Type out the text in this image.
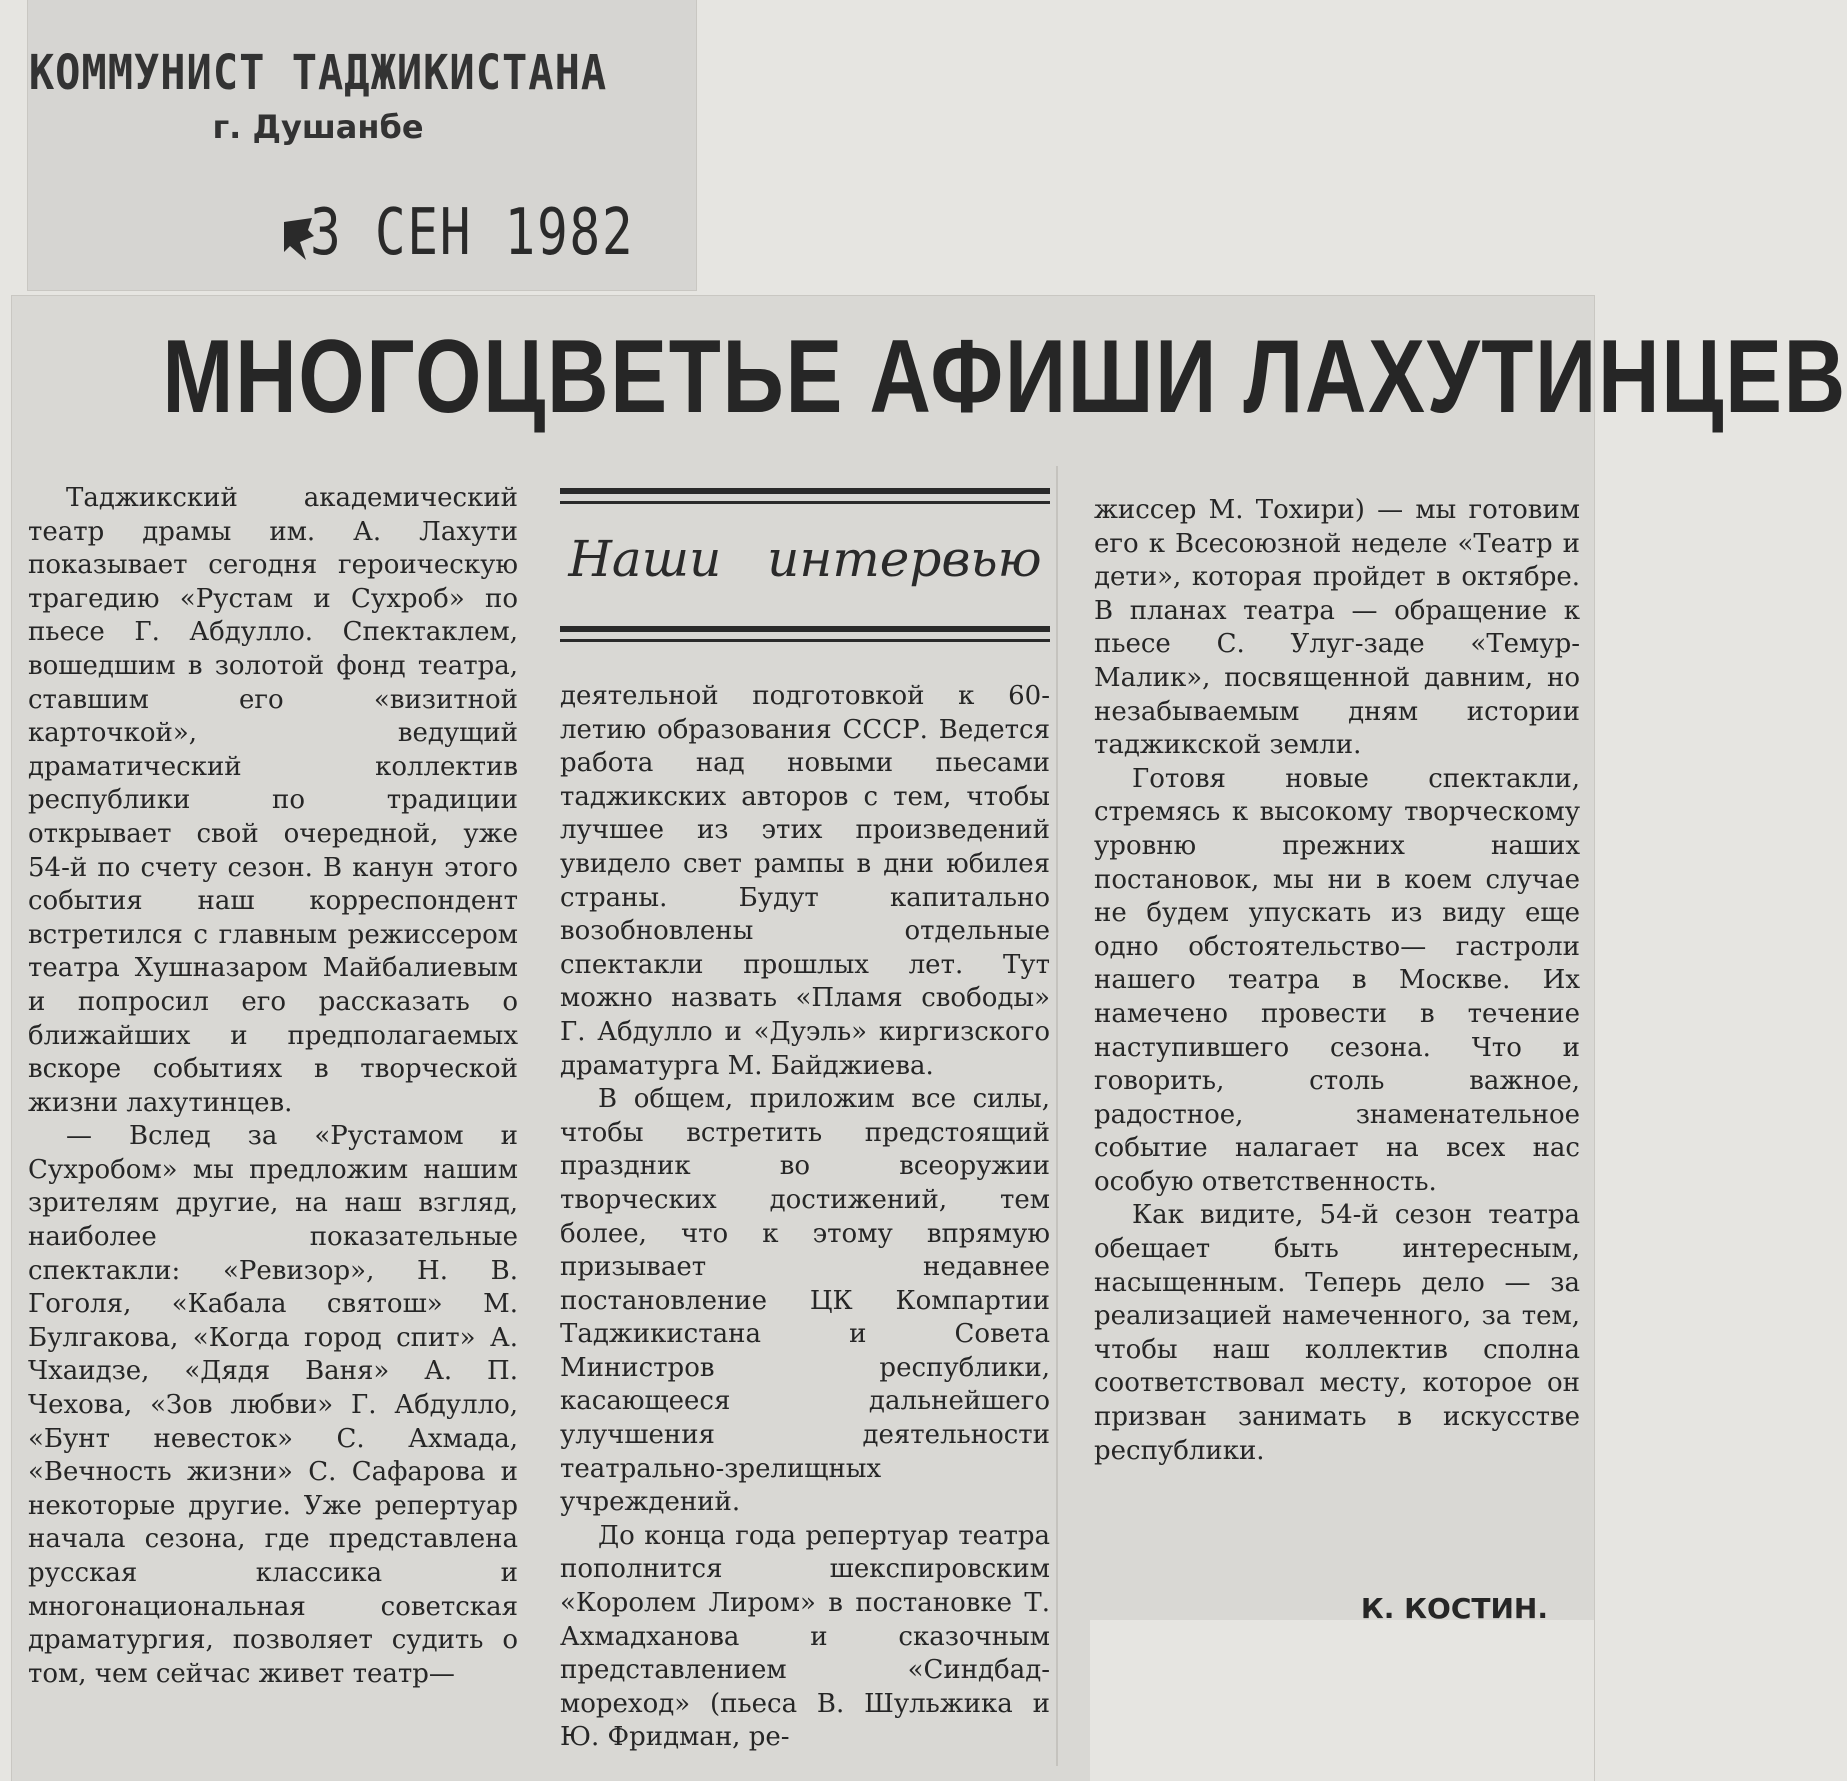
КОММУНИСТ ТАДЖИКИСТАНА
г. Душанбе
3 СЕН 1982
МНОГОЦВЕТЬЕ АФИШИ ЛАХУТИНЦЕВ

Таджикский академический театр драмы им. А. Лахути показывает сегодня героическую трагедию «Рустам и Сухроб» по пьесе Г. Абдулло. Спектаклем, вошедшим в золотой фонд театра, ставшим его «визитной карточкой», ведущий драматический коллектив республики по традиции открывает свой очередной, уже 54-й по счету сезон. В канун этого события наш корреспондент встретился с главным режиссером театра Хушназаром Майбалиевым и попросил его рассказать о ближайших и предполагаемых вскоре событиях в творческой жизни лахутинцев.

— Вслед за «Рустамом и Сухробом» мы предложим нашим зрителям другие, на наш взгляд, наиболее показательные спектакли: «Ревизор», Н. В. Гоголя, «Кабала святош» М. Булгакова, «Когда город спит» А. Чхаидзе, «Дядя Ваня» А. П. Чехова, «Зов любви» Г. Абдулло, «Бунт невесток» С. Ахмада, «Вечность жизни» С. Сафарова и некоторые другие. Уже репертуар начала сезона, где представлена русская классика и многонациональная советская драматургия, позволяет судить о том, чем сейчас живет театр—

Наши интервью

деятельной подготовкой к 60-летию образования СССР. Ведется работа над новыми пьесами таджикских авторов с тем, чтобы лучшее из этих произведений увидело свет рампы в дни юбилея страны. Будут капитально возобновлены отдельные спектакли прошлых лет. Тут можно назвать «Пламя свободы» Г. Абдулло и «Дуэль» киргизского драматурга М. Байджиева.

В общем, приложим все силы, чтобы встретить предстоящий праздник во всеоружии творческих достижений, тем более, что к этому впрямую призывает недавнее постановление ЦК Компартии Таджикистана и Совета Министров республики, касающееся дальнейшего улучшения деятельности театрально-зрелищных учреждений.

До конца года репертуар театра пополнится шекспировским «Королем Лиром» в постановке Т. Ахмадханова и сказочным представлением «Синдбад-мореход» (пьеса В. Шульжика и Ю. Фридман, ре-

жиссер М. Тохири) — мы готовим его к Всесоюзной неделе «Театр и дети», которая пройдет в октябре. В планах театра — обращение к пьесе С. Улуг-заде «Темур-Малик», посвященной давним, но незабываемым дням истории таджикской земли.

Готовя новые спектакли, стремясь к высокому творческому уровню прежних наших постановок, мы ни в коем случае не будем упускать из виду еще одно обстоятельство— гастроли нашего театра в Москве. Их намечено провести в течение наступившего сезона. Что и говорить, столь важное, радостное, знаменательное событие налагает на всех нас особую ответственность.

Как видите, 54-й сезон театра обещает быть интересным, насыщенным. Теперь дело — за реализацией намеченного, за тем, чтобы наш коллектив сполна соответствовал месту, которое он призван занимать в искусстве республики.

К. КОСТИН.
